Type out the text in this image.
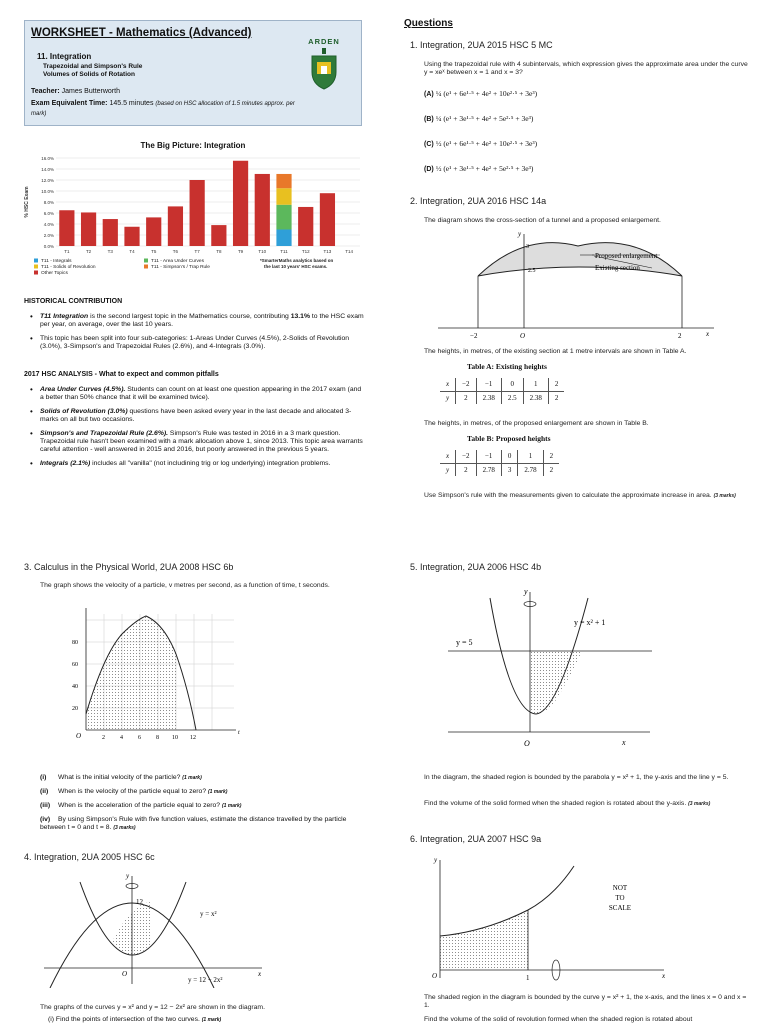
WORKSHEET - Mathematics (Advanced)
11. Integration
Trapezoidal and Simpson's Rule
Volumes of Solids of Rotation
Teacher: James Butterworth
Exam Equivalent Time: 145.5 minutes (based on HSC allocation of 1.5 minutes approx. per mark)
ARDEN
The Big Picture: Integration
0.0%
2.0%
4.0%
6.0%
8.0%
10.0%
12.0%
14.0%
16.0%
% HSC Exam
T1	T2	T3	T4	T5	T6	T7	T8	T9	T10	T11	T12	T13	T14
T11 - Integrals	T11 - Area Under Curves
T11 - Solids of Revolution	T11 - Simpson's / Trap Rule
Other Topics
*SmarterMaths analytics based on
the last 10 years' HSC exams.
HISTORICAL CONTRIBUTION
• T11 Integration is the second largest topic in the Mathematics course, contributing 13.1% to the HSC exam per year, on average, over the last 10 years.
• This topic has been split into four sub-categories: 1-Areas Under Curves (4.5%), 2-Solids of Revolution (3.0%), 3-Simpson's and Trapezoidal Rules (2.6%), and 4-Integrals (3.0%).
2017 HSC ANALYSIS - What to expect and common pitfalls
• Area Under Curves (4.5%). Students can count on at least one question appearing in the 2017 exam (and a better than 50% chance that it will be examined twice).
• Solids of Revolution (3.0%) questions have been asked every year in the last decade and allocated 3-marks on all but two occasions.
• Simpson's and Trapezoidal Rule (2.6%). Simpson's Rule was tested in 2016 in a 3 mark question. Trapezoidal rule hasn't been examined with a mark allocation above 1, since 2013. This topic area warrants careful attention - well answered in 2015 and 2016, but poorly answered in the previous 5 years.
• Integrals (2.1%) includes all "vanilla" (not includining trig or log underlying) integration problems.
Questions
1. Integration, 2UA 2015 HSC 5 MC
Using the trapezoidal rule with 4 subintervals, which expression gives the approximate area under the curve y = xeˣ between x = 1 and x = 3?
(A) ¼ (e¹ + 6e¹·⁵ + 4e² + 10e²·⁵ + 3e³)
(B) ¼ (e¹ + 3e¹·⁵ + 4e² + 5e²·⁵ + 3e³)
(C) ½ (e¹ + 6e¹·⁵ + 4e² + 10e²·⁵ + 3e³)
(D) ½ (e¹ + 3e¹·⁵ + 4e² + 5e²·⁵ + 3e³)
2. Integration, 2UA 2016 HSC 14a
The diagram shows the cross-section of a tunnel and a proposed enlargement.
Proposed enlargement
Existing section
−2	O	2	x
y
3
2.5
The heights, in metres, of the existing section at 1 metre intervals are shown in Table A.
Table A: Existing heights
x	−2	−1	0	1	2
y	2	2.38	2.5	2.38	2
The heights, in metres, of the proposed enlargement are shown in Table B.
Table B: Proposed heights
x	−2	−1	0	1	2
y	2	2.78	3	2.78	2
Use Simpson's rule with the measurements given to calculate the approximate increase in area. (3 marks)
3. Calculus in the Physical World, 2UA 2008 HSC 6b
The graph shows the velocity of a particle, v metres per second, as a function of time, t seconds.
O	2	4	6	8 10 12
t
20
40
60
80
(i) What is the initial velocity of the particle? (1 mark)
(ii) When is the velocity of the particle equal to zero? (1 mark)
(iii) When is the acceleration of the particle equal to zero? (1 mark)
(iv) By using Simpson's Rule with five function values, estimate the distance travelled by the particle between t = 0 and t = 8. (3 marks)
4. Integration, 2UA 2005 HSC 6c
y
12
O	x
y = x²
y = 12 − 2x²
The graphs of the curves y = x² and y = 12 − 2x² are shown in the diagram.
(i) Find the points of intersection of the two curves. (1 mark)
5. Integration, 2UA 2006 HSC 4b
y
O	x
y = x² + 1
y = 5
In the diagram, the shaded region is bounded by the parabola y = x² + 1, the y-axis and the line y = 5.
Find the volume of the solid formed when the shaded region is rotated about the y-axis. (3 marks)
6. Integration, 2UA 2007 HSC 9a
y
O	1	x
NOT
TO
SCALE
The shaded region in the diagram is bounded by the curve y = x² + 1, the x-axis, and the lines x = 0 and x = 1.
Find the volume of the solid of revolution formed when the shaded region is rotated about
